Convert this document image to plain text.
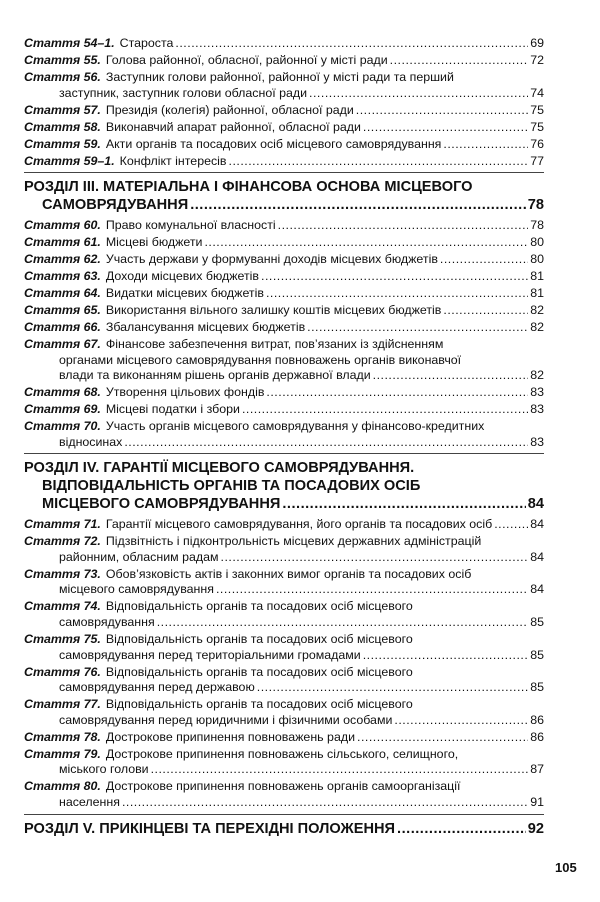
Стаття 54–1. Староста .....	69
Стаття 55. Голова районної, обласної, районної у місті ради .....	72
Стаття 56. Заступник голови районної, районної у місті ради та перший
заступник, заступник голови обласної ради .....	74
Стаття 57. Президія (колегія) районної, обласної ради .....	75
Стаття 58. Виконавчий апарат районної, обласної ради .....	75
Стаття 59. Акти органів та посадових осіб місцевого самоврядування .....	76
Стаття 59–1. Конфлікт інтересів .....	77
РОЗДІЛ ІІІ. МАТЕРІАЛЬНА І ФІНАНСОВА ОСНОВА МІСЦЕВОГО
САМОВРЯДУВАННЯ .....	78
Стаття 60. Право комунальної власності .....	78
Стаття 61. Місцеві бюджети .....	80
Стаття 62. Участь держави у формуванні доходів місцевих бюджетів .....	80
Стаття 63. Доходи місцевих бюджетів .....	81
Стаття 64. Видатки місцевих бюджетів .....	81
Стаття 65. Використання вільного залишку коштів місцевих бюджетів .....	82
Стаття 66. Збалансування місцевих бюджетів .....	82
Стаття 67. Фінансове забезпечення витрат, пов’язаних із здійсненням
органами місцевого самоврядування повноважень органів виконавчої
влади та виконанням рішень органів державної влади .....	82
Стаття 68. Утворення цільових фондів .....	83
Стаття 69. Місцеві податки і збори .....	83
Стаття 70. Участь органів місцевого самоврядування у фінансово-кредитних
відносинах .....	83
РОЗДІЛ IV. ГАРАНТІЇ МІСЦЕВОГО САМОВРЯДУВАННЯ.
ВІДПОВІДАЛЬНІСТЬ ОРГАНІВ ТА ПОСАДОВИХ ОСІБ
МІСЦЕВОГО САМОВРЯДУВАННЯ .....	84
Стаття 71. Гарантії місцевого самоврядування, його органів та посадових осіб .....	84
Стаття 72. Підзвітність і підконтрольність місцевих державних адміністрацій
районним, обласним радам .....	84
Стаття 73. Обов’язковість актів і законних вимог органів та посадових осіб
місцевого самоврядування .....	84
Стаття 74. Відповідальність органів та посадових осіб місцевого
самоврядування .....	85
Стаття 75. Відповідальність органів та посадових осіб місцевого
самоврядування перед територіальними громадами .....	85
Стаття 76. Відповідальність органів та посадових осіб місцевого
самоврядування перед державою .....	85
Стаття 77. Відповідальність органів та посадових осіб місцевого
самоврядування перед юридичними і фізичними особами .....	86
Стаття 78. Дострокове припинення повноважень ради .....	86
Стаття 79. Дострокове припинення повноважень сільського, селищного,
міського голови .....	87
Стаття 80. Дострокове припинення повноважень органів самоорганізації
населення .....	91
РОЗДІЛ V. ПРИКІНЦЕВІ ТА ПЕРЕХІДНІ ПОЛОЖЕННЯ .....	92
105
